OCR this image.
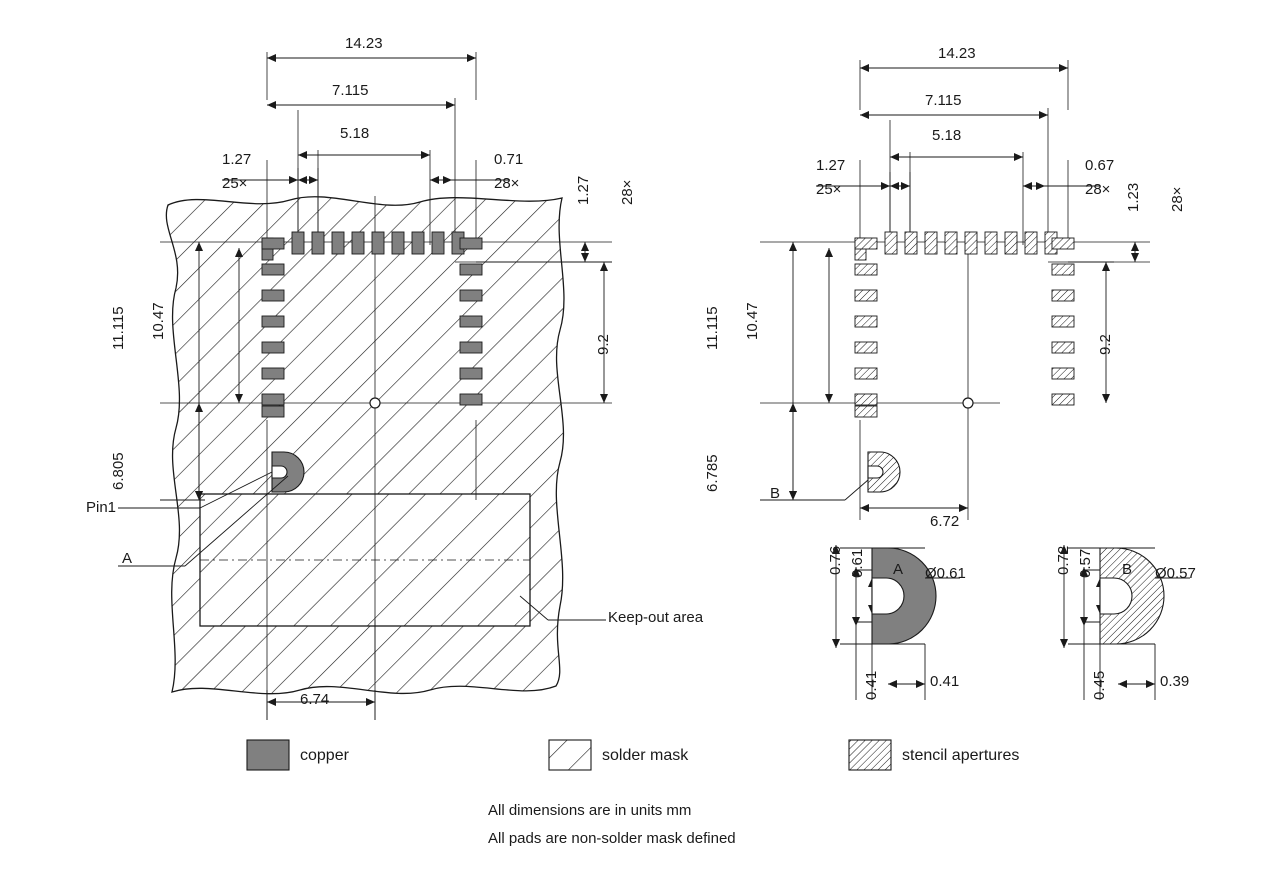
14.23
7.115
5.18
1.27
25×
0.71
28×	1.27 28×
11.115 10.47
9.2
6.805
6.74
Pin1
A
Keep-out area
14.23
7.115
5.18
1.27
25×
0.67
28× 1.23 28×
11.115 10.47
9.2
6.785
6.72
B
0.76 0.61
0.41	0.41
A Ø0.61	0.72 0.57
0.45	0.39
B Ø0.57
copper	solder mask	stencil apertures
All dimensions are in units mm
All pads are non-solder mask defined
